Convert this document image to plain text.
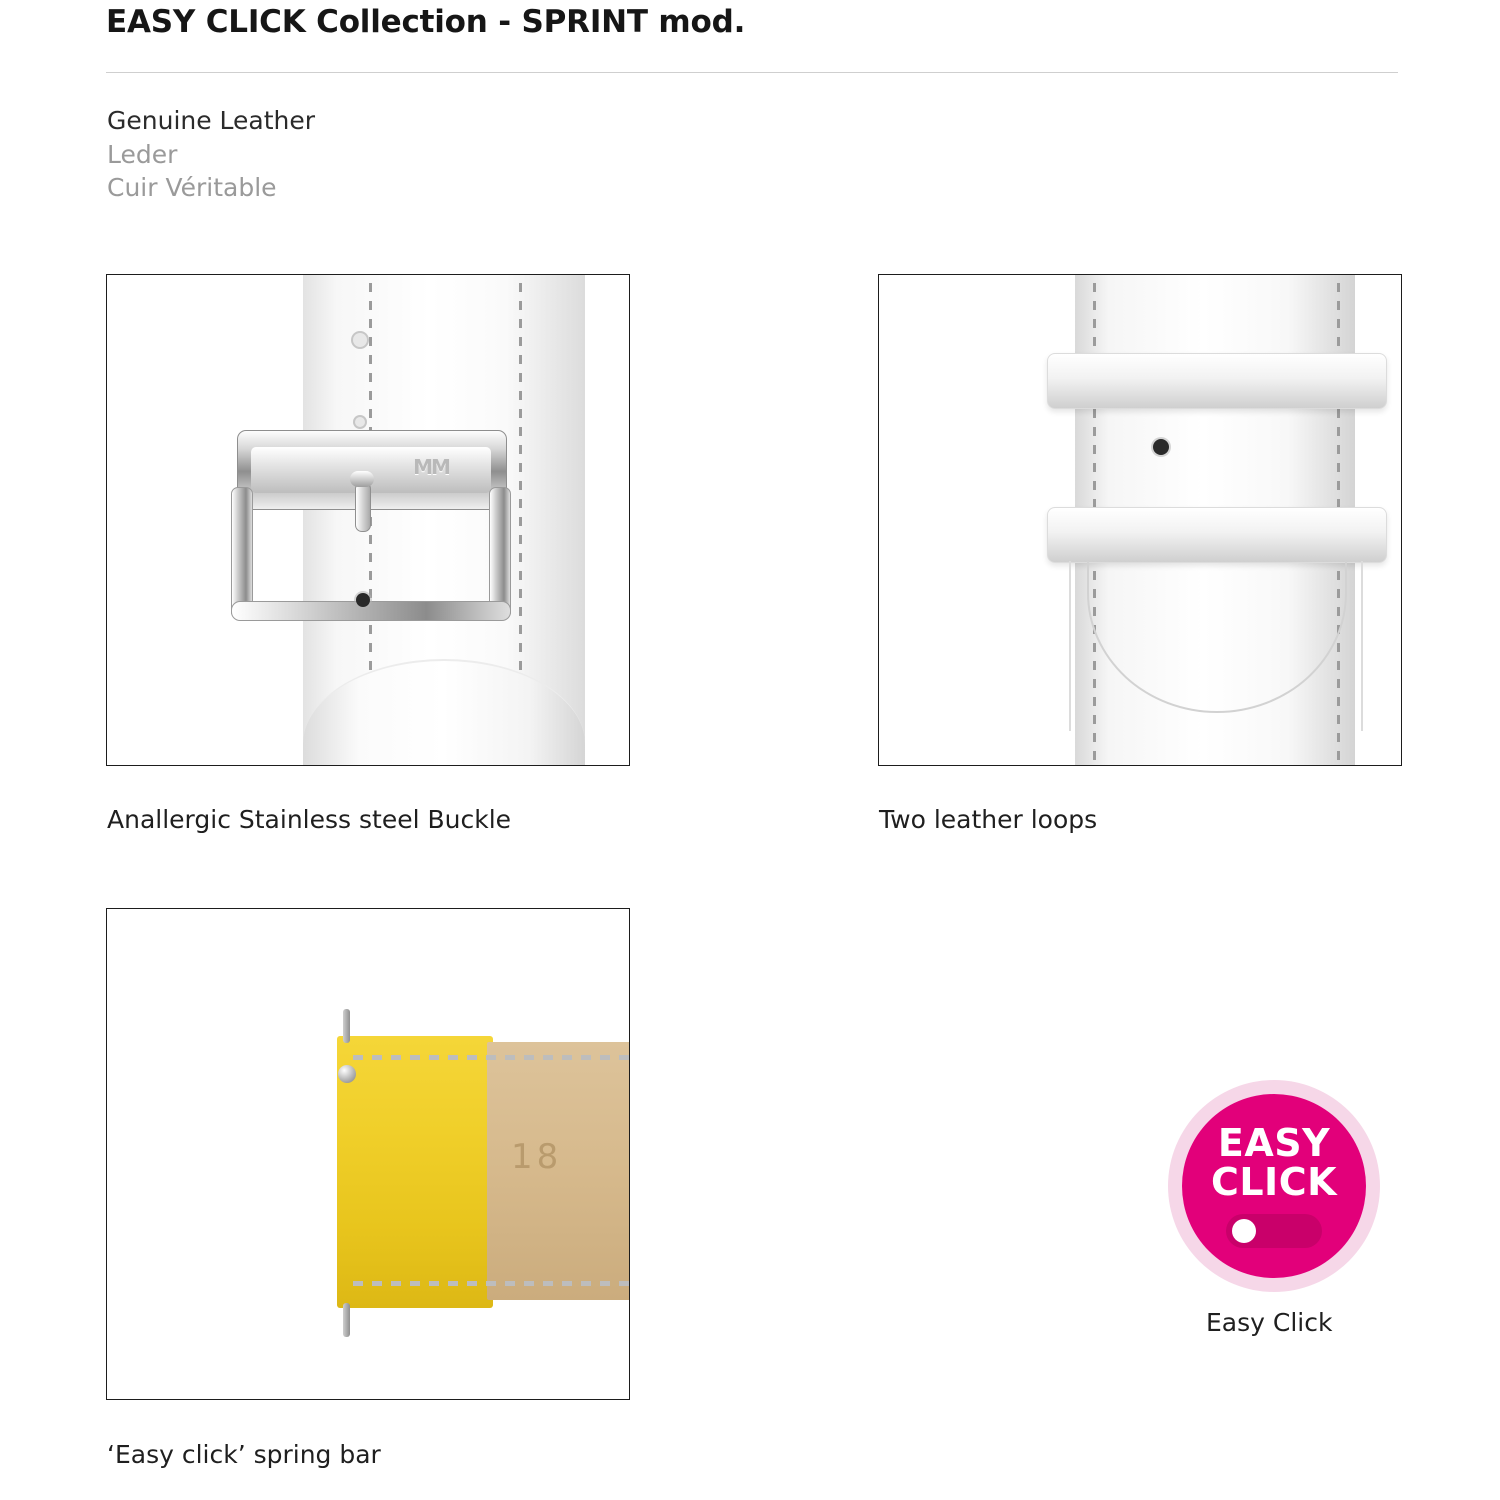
EASY CLICK Collection - SPRINT mod.
Genuine Leather
Leder
Cuir Véritable
MM
Anallergic Stainless steel Buckle	Two leather loops
18
‘Easy click’ spring bar
EASY
CLICK
Easy Click
